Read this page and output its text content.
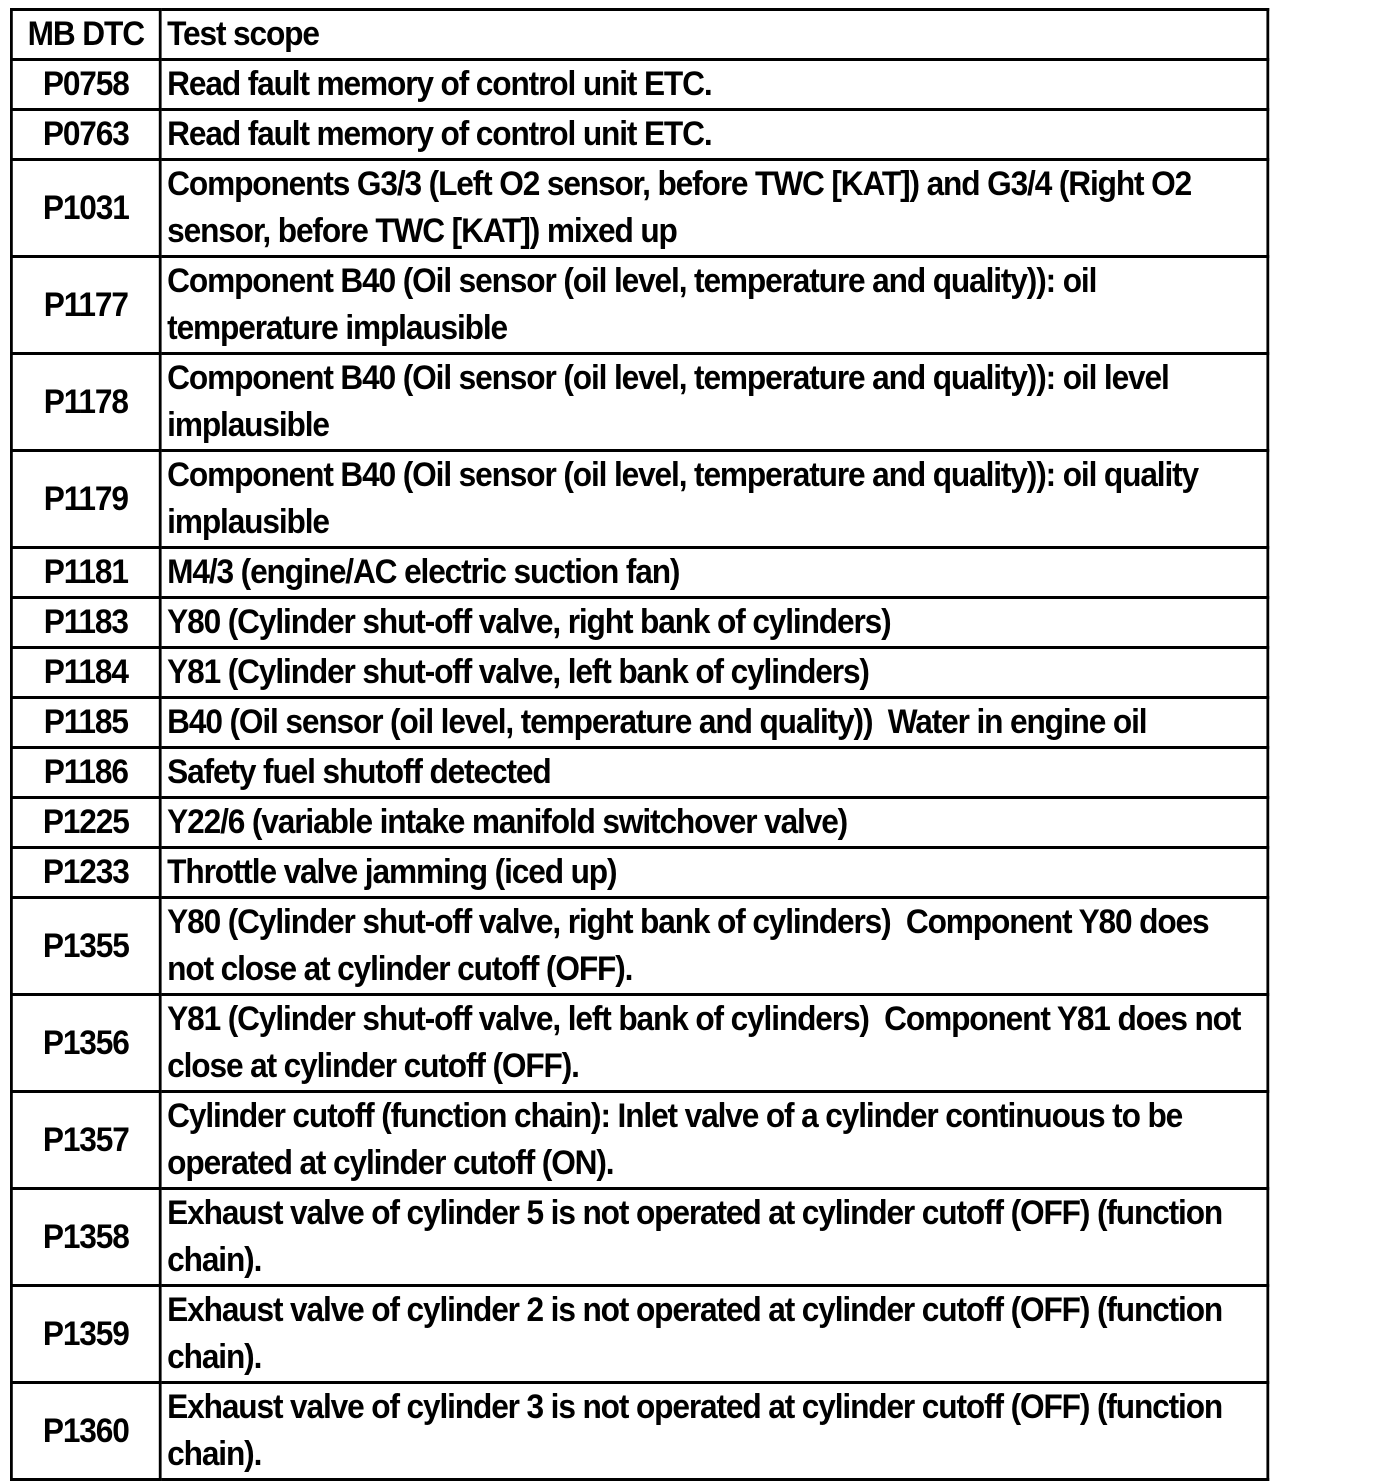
MB DTC	Test scope
P0758	Read fault memory of control unit ETC.
P0763	Read fault memory of control unit ETC.
P1031	Components G3/3 (Left O2 sensor, before TWC [KAT]) and G3/4 (Right O2
sensor, before TWC [KAT]) mixed up
P1177	Component B40 (Oil sensor (oil level, temperature and quality)): oil
temperature implausible
P1178	Component B40 (Oil sensor (oil level, temperature and quality)): oil level
implausible
P1179	Component B40 (Oil sensor (oil level, temperature and quality)): oil quality
implausible
P1181	M4/3 (engine/AC electric suction fan)
P1183	Y80 (Cylinder shut-off valve, right bank of cylinders)
P1184	Y81 (Cylinder shut-off valve, left bank of cylinders)
P1185	B40 (Oil sensor (oil level, temperature and quality))  Water in engine oil
P1186	Safety fuel shutoff detected
P1225	Y22/6 (variable intake manifold switchover valve)
P1233	Throttle valve jamming (iced up)
P1355	Y80 (Cylinder shut-off valve, right bank of cylinders)  Component Y80 does
not close at cylinder cutoff (OFF).
P1356	Y81 (Cylinder shut-off valve, left bank of cylinders)  Component Y81 does not
close at cylinder cutoff (OFF).
P1357	Cylinder cutoff (function chain): Inlet valve of a cylinder continuous to be
operated at cylinder cutoff (ON).
P1358	Exhaust valve of cylinder 5 is not operated at cylinder cutoff (OFF) (function
chain).
P1359	Exhaust valve of cylinder 2 is not operated at cylinder cutoff (OFF) (function
chain).
P1360	Exhaust valve of cylinder 3 is not operated at cylinder cutoff (OFF) (function
chain).
